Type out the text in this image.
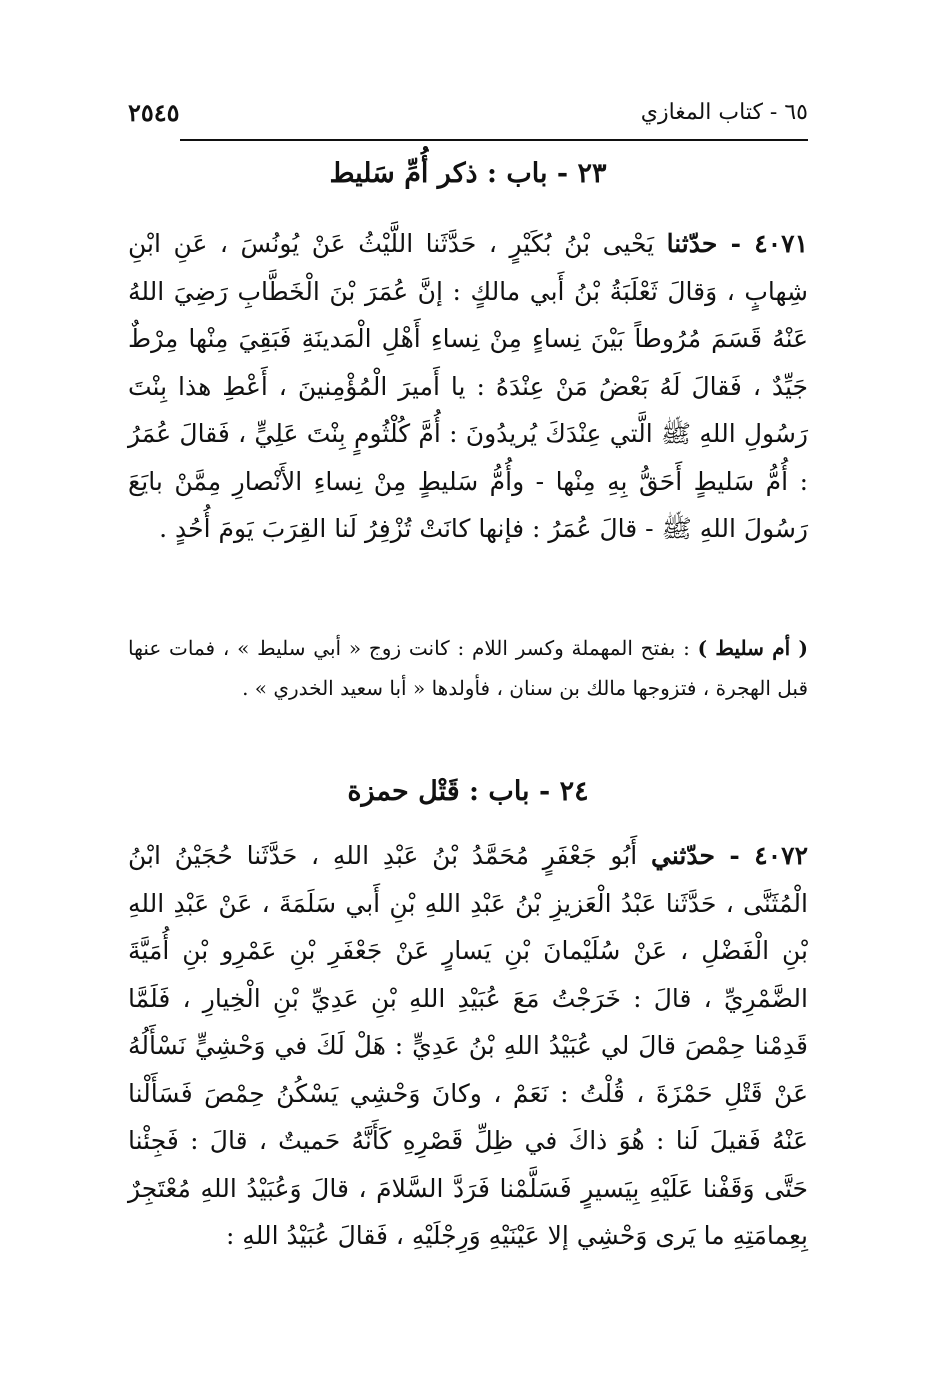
٦٥ - كتاب المغازي
٢٥٤٥
٢٣ - باب : ذكر أُمِّ سَليط

٤٠٧١ - حدّثنا يَحْيى بْنُ بُكَيْرٍ ، حَدَّثَنا اللَّيْثُ عَنْ يُونُسَ ، عَنِ ابْنِ شِهابٍ ، وَقالَ ثَعْلَبَةُ بْنُ أَبي مالكٍ : إنَّ عُمَرَ بْنَ الْخَطَّابِ رَضِيَ اللهُ عَنْهُ قَسَمَ مُرُوطاً بَيْنَ نِساءٍ مِنْ نِساءِ أَهْلِ الْمَدينَةِ فَبَقِيَ مِنْها مِرْطٌ جَيِّدٌ ، فَقالَ لَهُ بَعْضُ مَنْ عِنْدَهُ : يا أَميرَ الْمُؤْمِنينَ ، أَعْطِ هذا بِنْتَ رَسُولِ اللهِ ﷺ الَّتي عِنْدَكَ يُريدُونَ : أُمَّ كُلْثُومٍ بِنْتَ عَلِيٍّ ، فَقالَ عُمَرُ : أُمُّ سَليطٍ أَحَقُّ بِهِ مِنْها - وأُمُّ سَليطٍ مِنْ نِساءِ الأَنْصارِ مِمَّنْ بايَعَ رَسُولَ اللهِ ﷺ - قالَ عُمَرُ : فإنها كانَتْ تُزْفِرُ لَنا القِرَبَ يَومَ أُحُدٍ .

( أم سليط ) : بفتح المهملة وكسر اللام : كانت زوج « أبي سليط » ، فمات عنها قبل الهجرة ، فتزوجها مالك بن سنان ، فأولدها « أبا سعيد الخدري » .

٢٤ - باب : قَتْل حمزة

٤٠٧٢ - حدّثني أَبُو جَعْفَرٍ مُحَمَّدُ بْنُ عَبْدِ اللهِ ، حَدَّثَنا حُجَيْنُ ابْنُ الْمُثَنَّى ، حَدَّثَنا عَبْدُ الْعَزيزِ بْنُ عَبْدِ اللهِ بْنِ أَبي سَلَمَةَ ، عَنْ عَبْدِ اللهِ بْنِ الْفَضْلِ ، عَنْ سُلَيْمانَ بْنِ يَسارٍ عَنْ جَعْفَرِ بْنِ عَمْرِو بْنِ أُمَيَّةَ الضَّمْرِيِّ ، قالَ : خَرَجْتُ مَعَ عُبَيْدِ اللهِ بْنِ عَدِيِّ بْنِ الْخِيارِ ، فَلَمَّا قَدِمْنا حِمْصَ قالَ لي عُبَيْدُ اللهِ بْنُ عَدِيٍّ : هَلْ لَكَ في وَحْشِيٍّ نَسْأَلُهُ عَنْ قَتْلِ حَمْزَةَ ، قُلْتُ : نَعَمْ ، وكانَ وَحْشِي يَسْكُنُ حِمْصَ فَسَأَلْنا عَنْهُ فَقيلَ لَنا : هُوَ ذاكَ في ظِلِّ قَصْرِهِ كَأَنَّهُ حَميتٌ ، قالَ : فَجِئْنا حَتَّى وَقَفْنا عَلَيْهِ بِيَسيرٍ فَسَلَّمْنا فَرَدَّ السَّلامَ ، قالَ وَعُبَيْدُ اللهِ مُعْتَجِرٌ بِعِمامَتِهِ ما يَرى وَحْشِي إلا عَيْنَيْهِ وَرِجْلَيْهِ ، فَقالَ عُبَيْدُ اللهِ :
